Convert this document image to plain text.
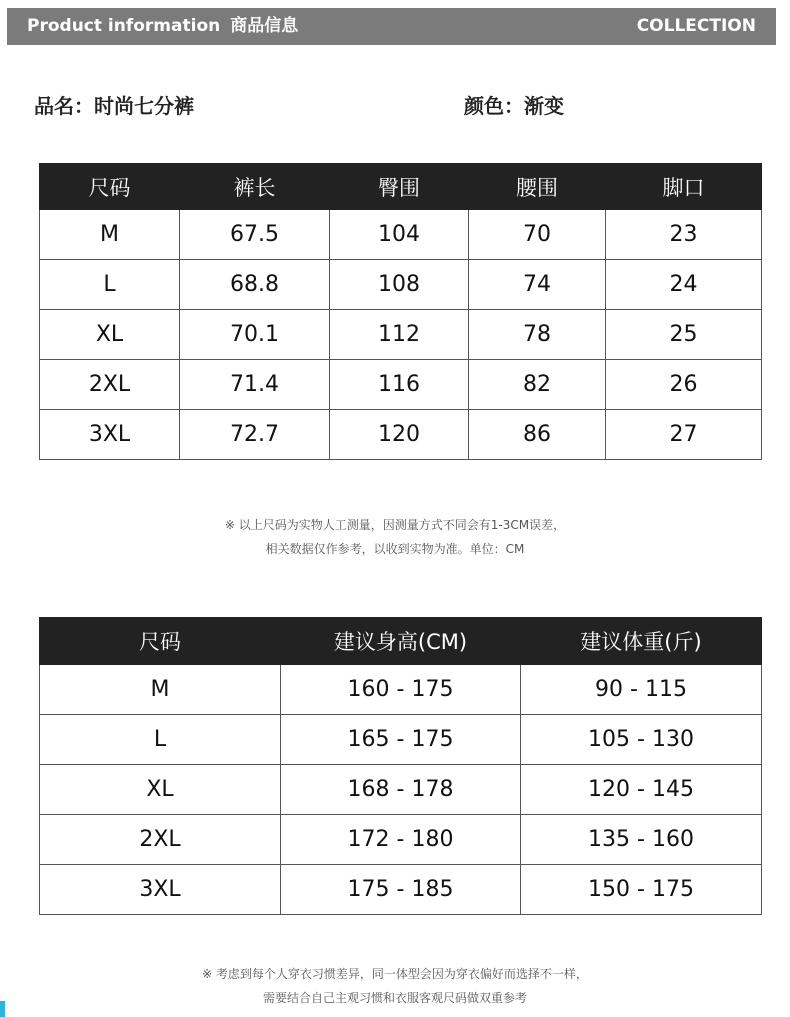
Product information 商品信息	COLLECTION
品名：时尚七分裤	颜色：渐变
尺码	裤长	臀围	腰围	脚口
M	67.5	104	70	23
L	68.8	108	74	24
XL	70.1	112	78	25
2XL	71.4	116	82	26
3XL	72.7	120	86	27
※ 以上尺码为实物人工测量，因测量方式不同会有1-3CM误差，
相关数据仅作参考，以收到实物为准。单位：CM
尺码	建议身高(CM)	建议体重(斤)
M	160 - 175	90 - 115
L	165 - 175	105 - 130
XL	168 - 178	120 - 145
2XL	172 - 180	135 - 160
3XL	175 - 185	150 - 175
※ 考虑到每个人穿衣习惯差异，同一体型会因为穿衣偏好而选择不一样，
需要结合自己主观习惯和衣服客观尺码做双重参考
